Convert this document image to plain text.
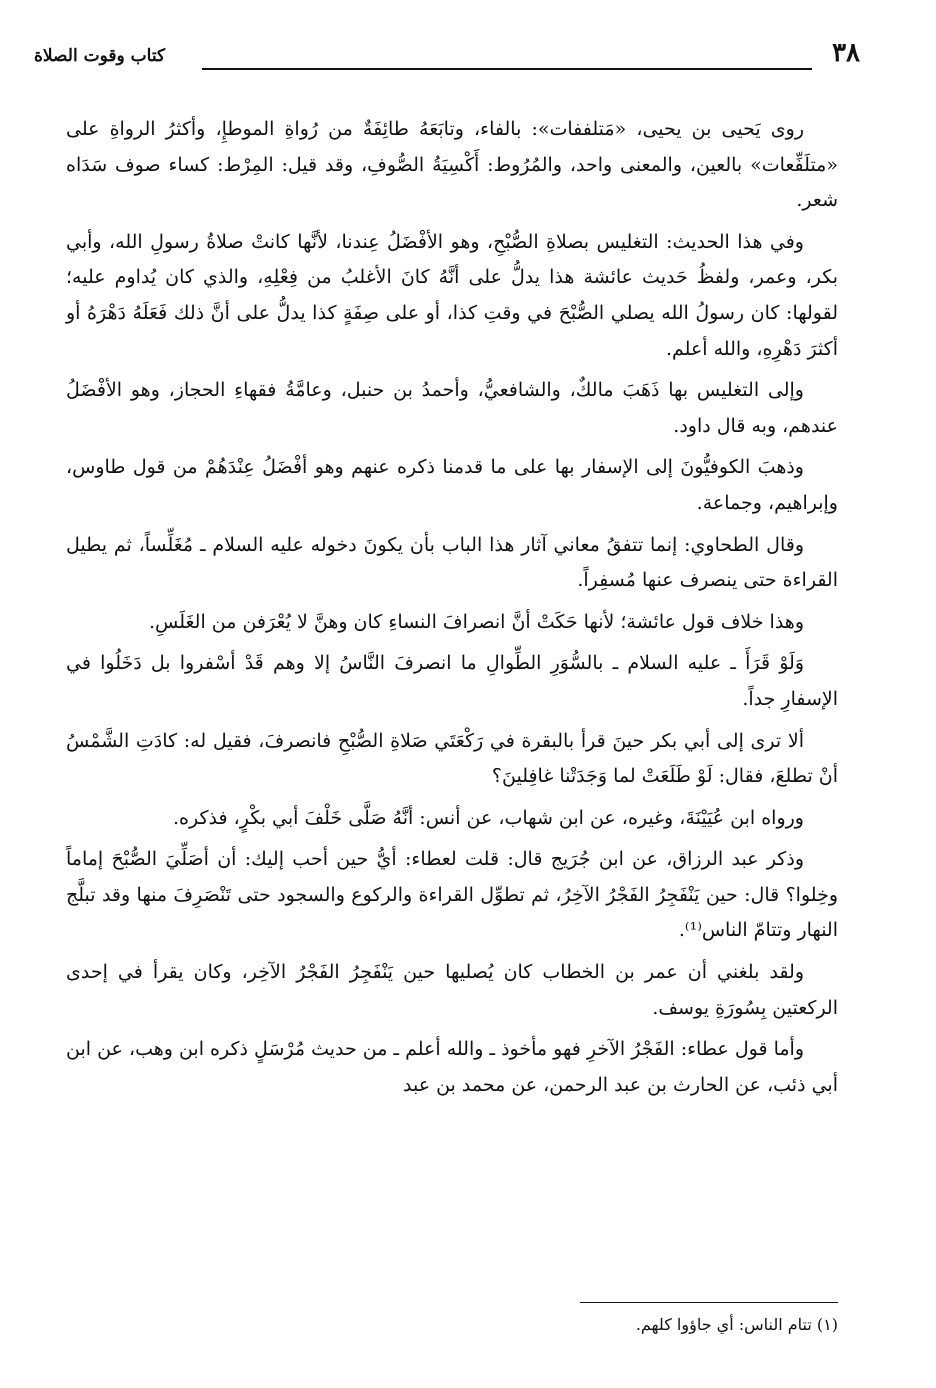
٣٨
كتاب وقوت الصلاة

روى يَحيى بن يحيى، «مَتلففات»: بالفاء، وتابَعَهُ طائِفَةٌ من رُواةِ الموطإِ، وأكثرُ الرواةِ على «متلَفِّعات» بالعين، والمعنى واحد، والمُرُوط: أَكْسِيَةُ الصُّوفِ، وقد قيل: المِرْط: كساء صوف سَدَاه شعر.

وفي هذا الحديث: التغليس بصلاةِ الصُّبْحِ، وهو الأفْضَلُ عِندنا، لأنَّها كانتْ صلاةُ رسولِ الله، وأبي بكر، وعمر، ولفظُ حَديث عائشة هذا يدلُّ على أنَّهُ كانَ الأغلبُ من فِعْلِهِ، والذي كان يُداوم عليه؛ لقولها: كان رسولُ الله يصلي الصُّبْحَ في وقتِ كذا، أو على صِفَةٍ كذا يدلُّ على أنَّ ذلك فَعَلَهُ دَهْرَهُ أو أكثرَ دَهْرِهِ، والله أعلم.

وإلى التغليس بها ذَهَبَ مالكٌ، والشافعيُّ، وأحمدُ بن حنبل، وعامَّةُ فقهاءِ الحجاز، وهو الأفْضَلُ عندهم، وبه قال داود.

وذهبَ الكوفيُّونَ إلى الإسفار بها على ما قدمنا ذكره عنهم وهو أفْضَلُ عِنْدَهُمْ من قول طاوس، وإبراهيم، وجماعة.

وقال الطحاوي: إنما تتفقُ معاني آثار هذا الباب بأن يكونَ دخوله عليه السلام ـ مُغَلِّساً، ثم يطيل القراءة حتى ينصرف عنها مُسفِراً.

وهذا خلاف قول عائشة؛ لأنها حَكَتْ أنَّ انصرافَ النساءِ كان وهنَّ لا يُعْرَفن من الغَلَسِ.

وَلَوْ قَرَأَ ـ عليه السلام ـ بالسُّوَرِ الطِّوالِ ما انصرفَ النَّاسُ إلا وهم قَدْ أسْفروا بل دَخَلُوا في الإسفارِ جداً.

ألا ترى إلى أبي بكر حينَ قرأ بالبقرة في رَكْعَتَي صَلاةِ الصُّبْحِ فانصرفَ، فقيل له: كادَتِ الشَّمْسُ أنْ تطلعَ، فقال: لَوْ طَلَعَتْ لما وَجَدَتْنا غافِلينَ؟

ورواه ابن عُيَيْنَةَ، وغيره، عن ابن شهاب، عن أنس: أنَّهُ صَلَّى خَلْفَ أبي بكْرٍ، فذكره.

وذكر عبد الرزاق، عن ابن جُرَيج قال: قلت لعطاء: أيُّ حين أحب إليك: أن أصَلِّيَ الصُّبْحَ إماماً وخِلوا؟ قال: حين يَنْفَجِرُ الفَجْرُ الآخِرُ، ثم تطوِّل القراءة والركوع والسجود حتى تَنْصَرِفَ منها وقد تبلَّج النهار وتتامّ الناس⁽¹⁾.

ولقد بلغني أن عمر بن الخطاب كان يُصليها حين يَنْفَجِرُ الفَجْرُ الآخِر، وكان يقرأ في إحدى الركعتين بِسُورَةِ يوسف.

وأما قول عطاء: الفَجْرُ الآخرِ فهو مأخوذ ـ والله أعلم ـ من حديث مُرْسَلٍ ذكره ابن وهب، عن ابن أبي ذئب، عن الحارث بن عبد الرحمن، عن محمد بن عبد

(١) تتام الناس: أي جاؤوا كلهم.
